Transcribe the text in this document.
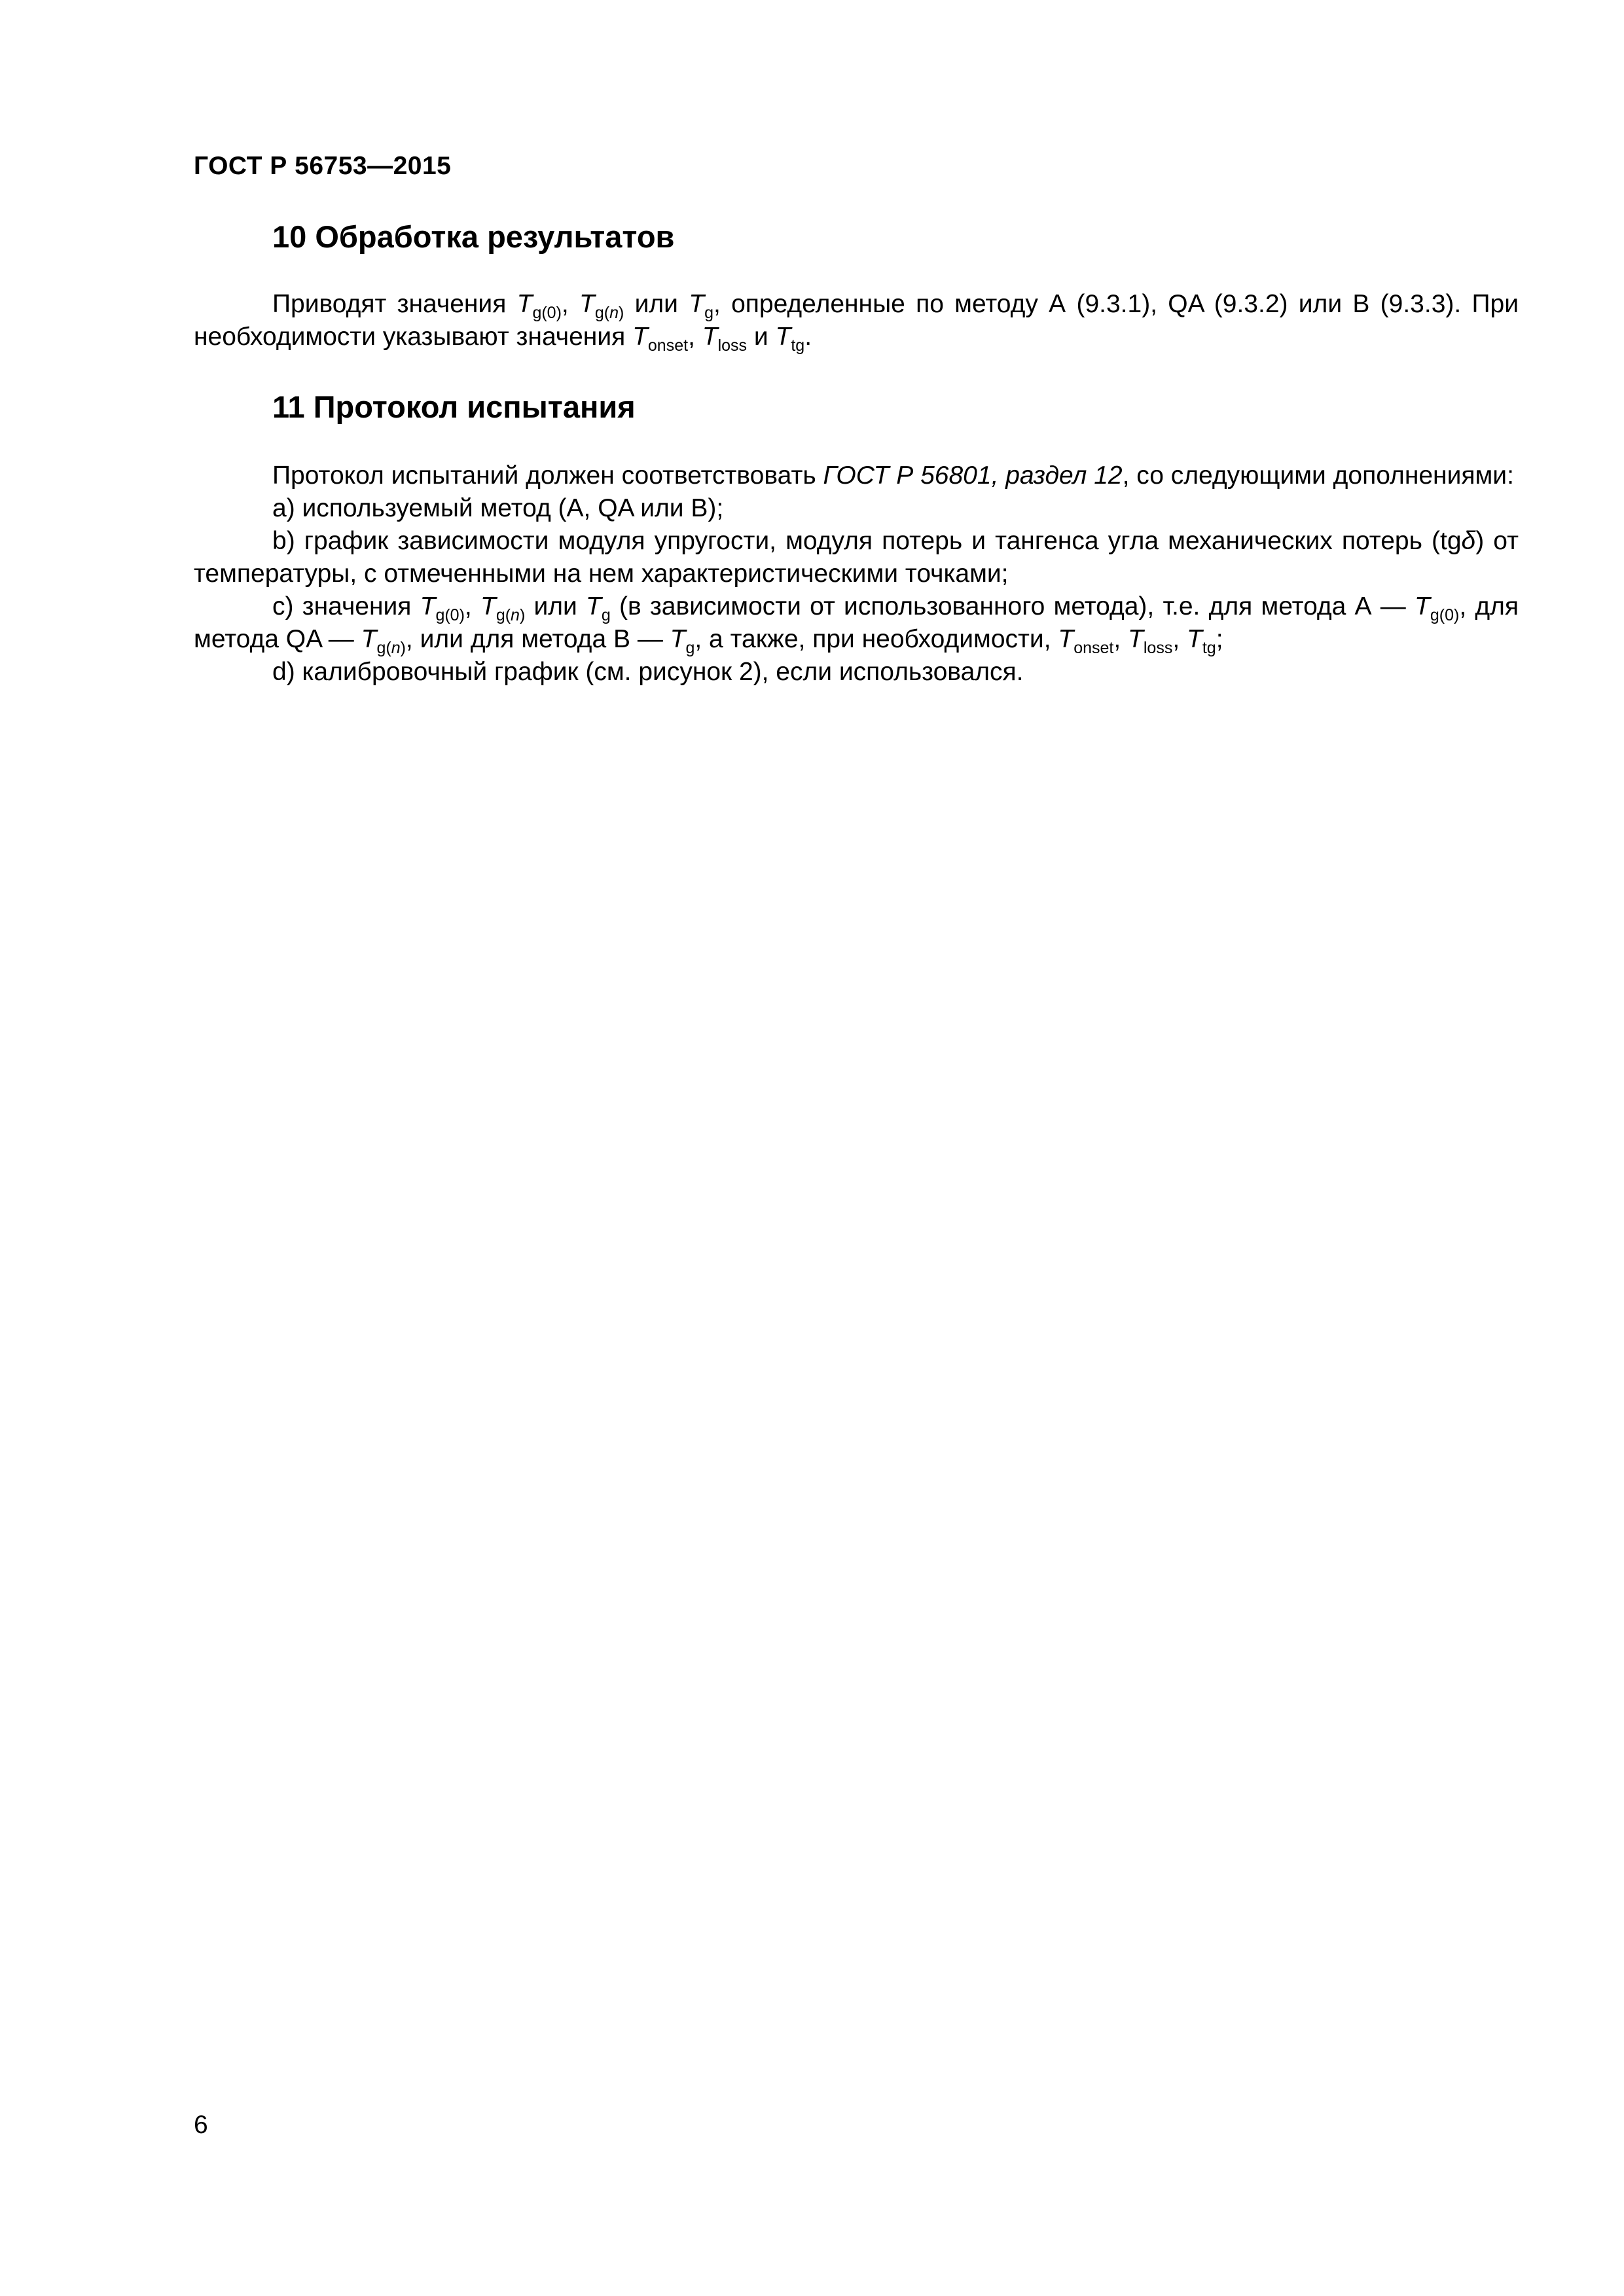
ГОСТ Р 56753—2015
10 Обработка результатов

Приводят значения $T_{g(0)}$, $T_{g(n)}$ или $T_g$, определенные по методу А (9.3.1), QA (9.3.2) или В (9.3.3). При необходимости указывают значения $T_{onset}$, $T_{loss}$ и $T_{tg}$.

11 Протокол испытания

Протокол испытаний должен соответствовать ГОСТ Р 56801, раздел 12, со следующими дополнениями:

а) используемый метод (А, QA или В);

b) график зависимости модуля упругости, модуля потерь и тангенса угла механических потерь (tgδ) от температуры, с отмеченными на нем характеристическими точками;

с) значения $T_{g(0)}$, $T_{g(n)}$ или $T_g$ (в зависимости от использованного метода), т.е. для метода А — $T_{g(0)}$, для метода QA — $T_{g(n)}$, или для метода В — $T_g$, а также, при необходимости, $T_{onset}$, $T_{loss}$, $T_{tg}$;

d) калибровочный график (см. рисунок 2), если использовался.

6
